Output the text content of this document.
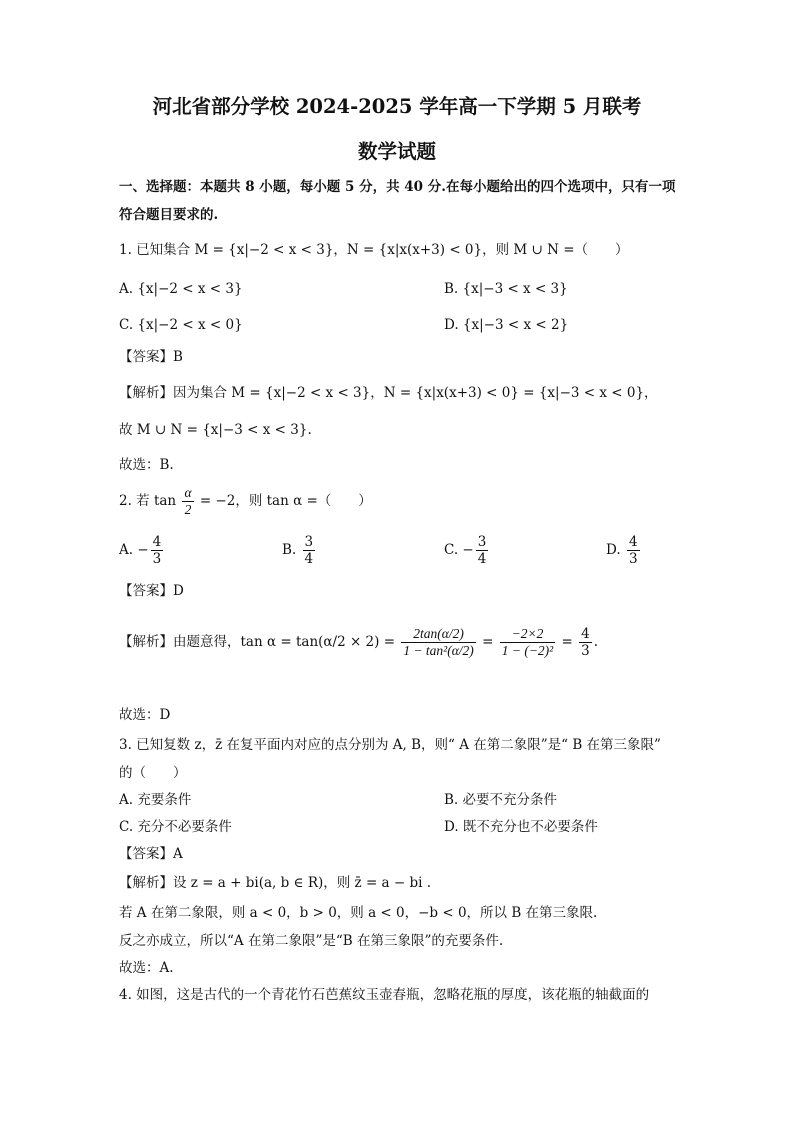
河北省部分学校 2024-2025 学年高一下学期 5 月联考
数学试题
一、选择题：本题共 8 小题，每小题 5 分，共 40 分.在每小题给出的四个选项中，只有一项
符合题目要求的.
1. 已知集合 M = {x|−2 < x < 3}，N = {x|x(x+3) < 0}，则 M ∪ N =（　　）
A. {x|−2 < x < 3}	B. {x|−3 < x < 3}
C. {x|−2 < x < 0}	D. {x|−3 < x < 2}
【答案】B
【解析】因为集合 M = {x|−2 < x < 3}，N = {x|x(x+3) < 0} = {x|−3 < x < 0}，
故 M ∪ N = {x|−3 < x < 3}.
故选：B.
2. 若 $\tan \frac{\alpha}{2} = -2$，则 tan α =（　　）
A. − $\frac{4}{3}$	B. $\frac{3}{4}$	C. − $\frac{3}{4}$	D. $\frac{4}{3}$
【答案】D
【解析】由题意得，$\tan \alpha = \tan(\alpha/2 \times 2) = \frac{2\tan(\alpha/2)}{\text{1 − tan²(α/2)}} = \frac{-2\times 2}{\text{1 − (−2)²}} = \frac{4}{3}$ .
故选：D
3. 已知复数 z，z̄ 在复平面内对应的点分别为 A, B，则“ A 在第二象限”是“ B 在第三象限”
的（　　）
A. 充要条件	B. 必要不充分条件
C. 充分不必要条件	D. 既不充分也不必要条件
【答案】A
【解析】设 z = a + bi(a, b ∈ R)，则 z̄ = a − bi .
若 A 在第二象限，则 a < 0，b > 0，则 a < 0，−b < 0，所以 B 在第三象限.
反之亦成立，所以“A 在第二象限”是“B 在第三象限”的充要条件.
故选：A.
4. 如图，这是古代的一个青花竹石芭蕉纹玉壶春瓶，忽略花瓶的厚度，该花瓶的轴截面的
